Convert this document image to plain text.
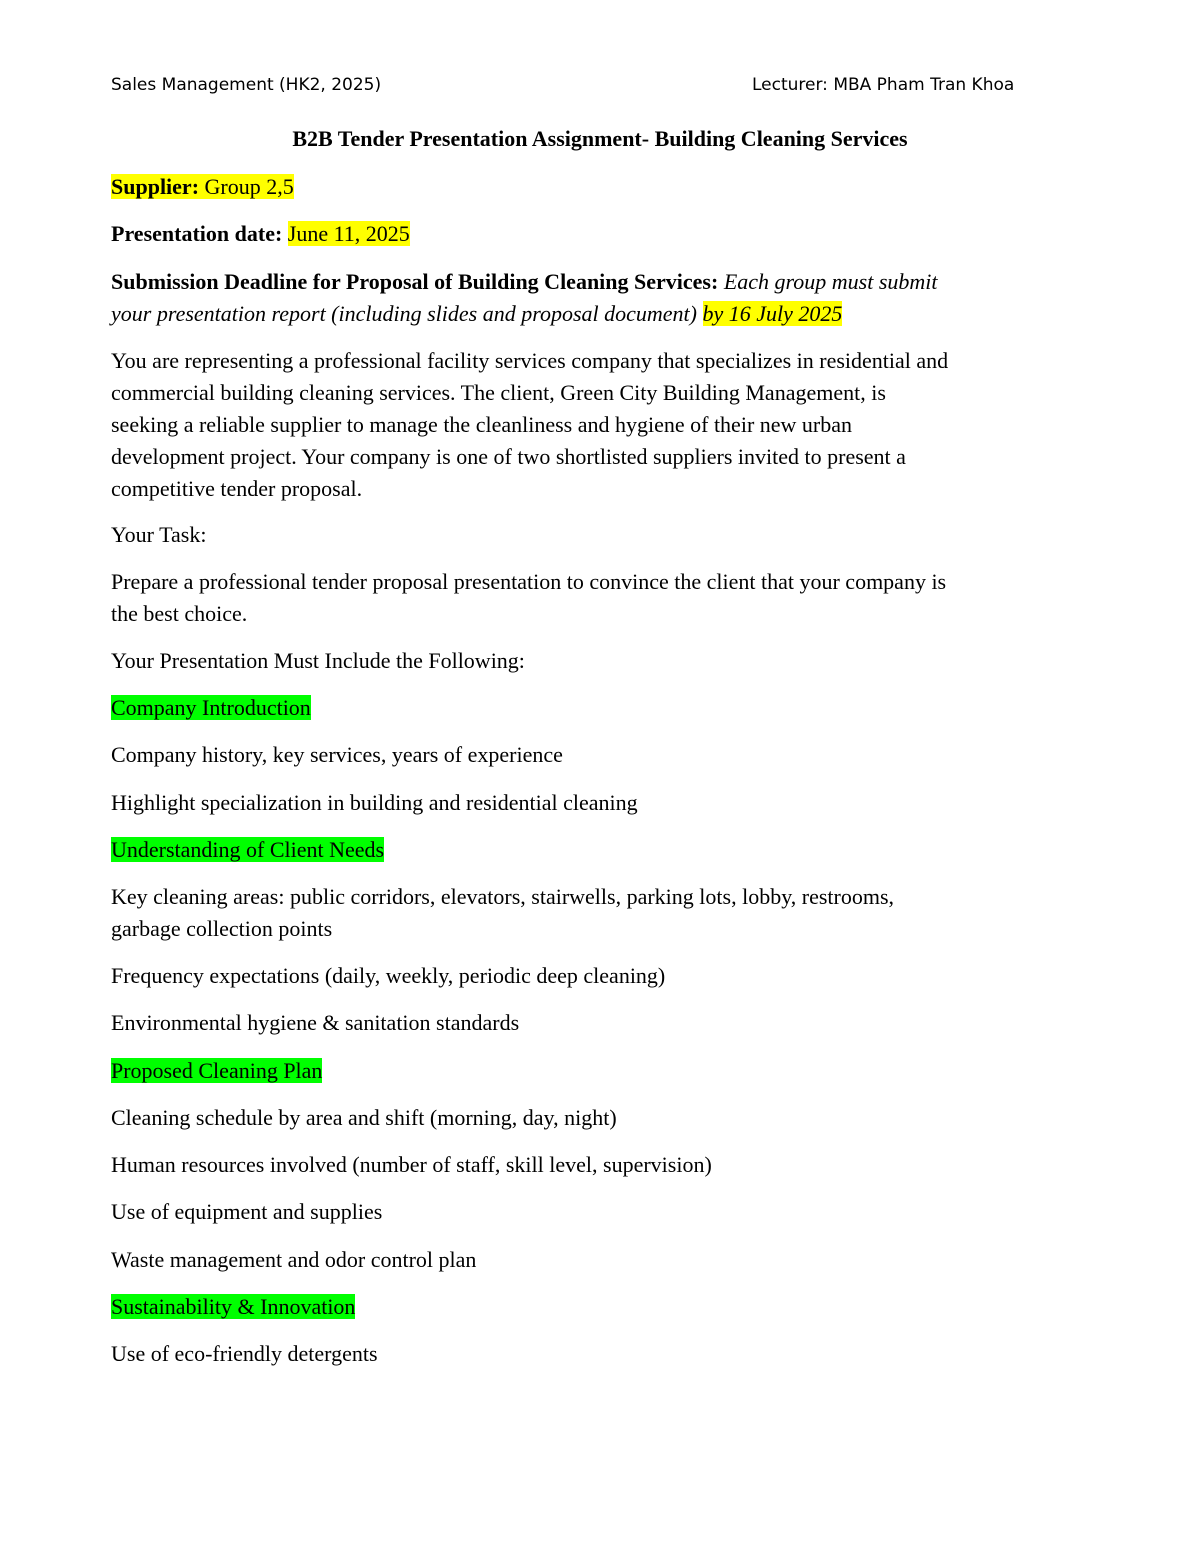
Sales Management (HK2, 2025)	Lecturer: MBA Pham Tran Khoa
B2B Tender Presentation Assignment- Building Cleaning Services
Supplier: Group 2,5
Presentation date: June 11, 2025
Submission Deadline for Proposal of Building Cleaning Services: Each group must submit
your presentation report (including slides and proposal document) by 16 July 2025
You are representing a professional facility services company that specializes in residential and
commercial building cleaning services. The client, Green City Building Management, is
seeking a reliable supplier to manage the cleanliness and hygiene of their new urban
development project. Your company is one of two shortlisted suppliers invited to present a
competitive tender proposal.
Your Task:
Prepare a professional tender proposal presentation to convince the client that your company is
the best choice.
Your Presentation Must Include the Following:
Company Introduction
Company history, key services, years of experience
Highlight specialization in building and residential cleaning
Understanding of Client Needs
Key cleaning areas: public corridors, elevators, stairwells, parking lots, lobby, restrooms,
garbage collection points
Frequency expectations (daily, weekly, periodic deep cleaning)
Environmental hygiene & sanitation standards
Proposed Cleaning Plan
Cleaning schedule by area and shift (morning, day, night)
Human resources involved (number of staff, skill level, supervision)
Use of equipment and supplies
Waste management and odor control plan
Sustainability & Innovation
Use of eco-friendly detergents
